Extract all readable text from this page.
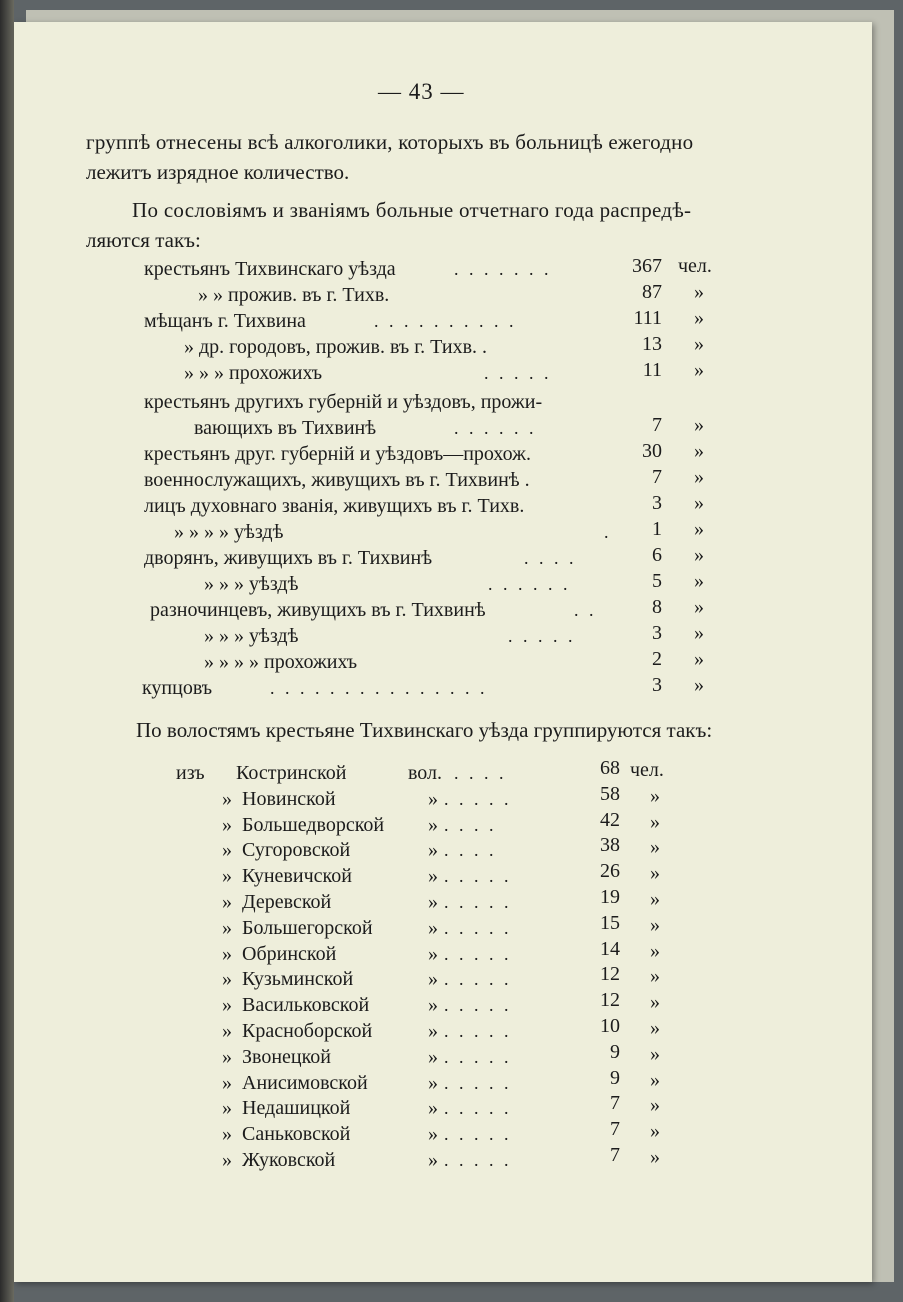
— 43 —
группѣ отнесены всѣ алкоголики, которыхъ въ больницѣ ежегодно
лежитъ изрядное количество.
По сословіямъ и званіямъ больные отчетнаго года распредѣ-
ляются такъ:
крестьянъ Тихвинскаго уѣзда	. . . . . . .	367 чел.
» » прожив. въ г. Тихв.	87 »
мѣщанъ г. Тихвина	. . . . . . . . . .	111 »
» др. городовъ, прожив. въ г. Тихв. .	13 »
» » » прохожихъ	. . . . .	11 »
крестьянъ другихъ губерній и уѣздовъ, прожи-
вающихъ въ Тихвинѣ	. . . . . .	7 »
крестьянъ друг. губерній и уѣздовъ—прохож.	30 »
военнослужащихъ, живущихъ въ г. Тихвинѣ .	7 »
лицъ духовнаго званія, живущихъ въ г. Тихв.	3 »
» » » » уѣздѣ	. 1 »
дворянъ, живущихъ въ г. Тихвинѣ	. . . .	6 »
» » » уѣздѣ	. . . . . .	5 »
разночинцевъ, живущихъ въ г. Тихвинѣ	. .	8 »
» » » уѣздѣ	. . . . .	3 »
» » » » прохожихъ	2 »
купцовъ	. . . . . . . . . . . . . . .	3 »
По волостямъ крестьяне Тихвинскаго уѣзда группируются такъ:
изъ Костринской	вол. . . . .	68 чел.
» Новинской	» . . . . .	58 »
» Большедворской » . . . .	42 »
» Сугоровской	» . . . .	38 »
» Куневичской	» . . . . .	26 »
» Деревской	» . . . . .	19 »
» Большегорской	» . . . . .	15 »
» Обринской	» . . . . .	14 »
» Кузьминской	» . . . . .	12 »
» Васильковской	» . . . . .	12 »
» Красноборской	» . . . . .	10 »
» Звонецкой	» . . . . .	9 »
» Анисимовской	» . . . . .	9 »
» Недашицкой	» . . . . .	7 »
» Саньковской	» . . . . .	7 »
» Жуковской	» . . . . .	7 »
